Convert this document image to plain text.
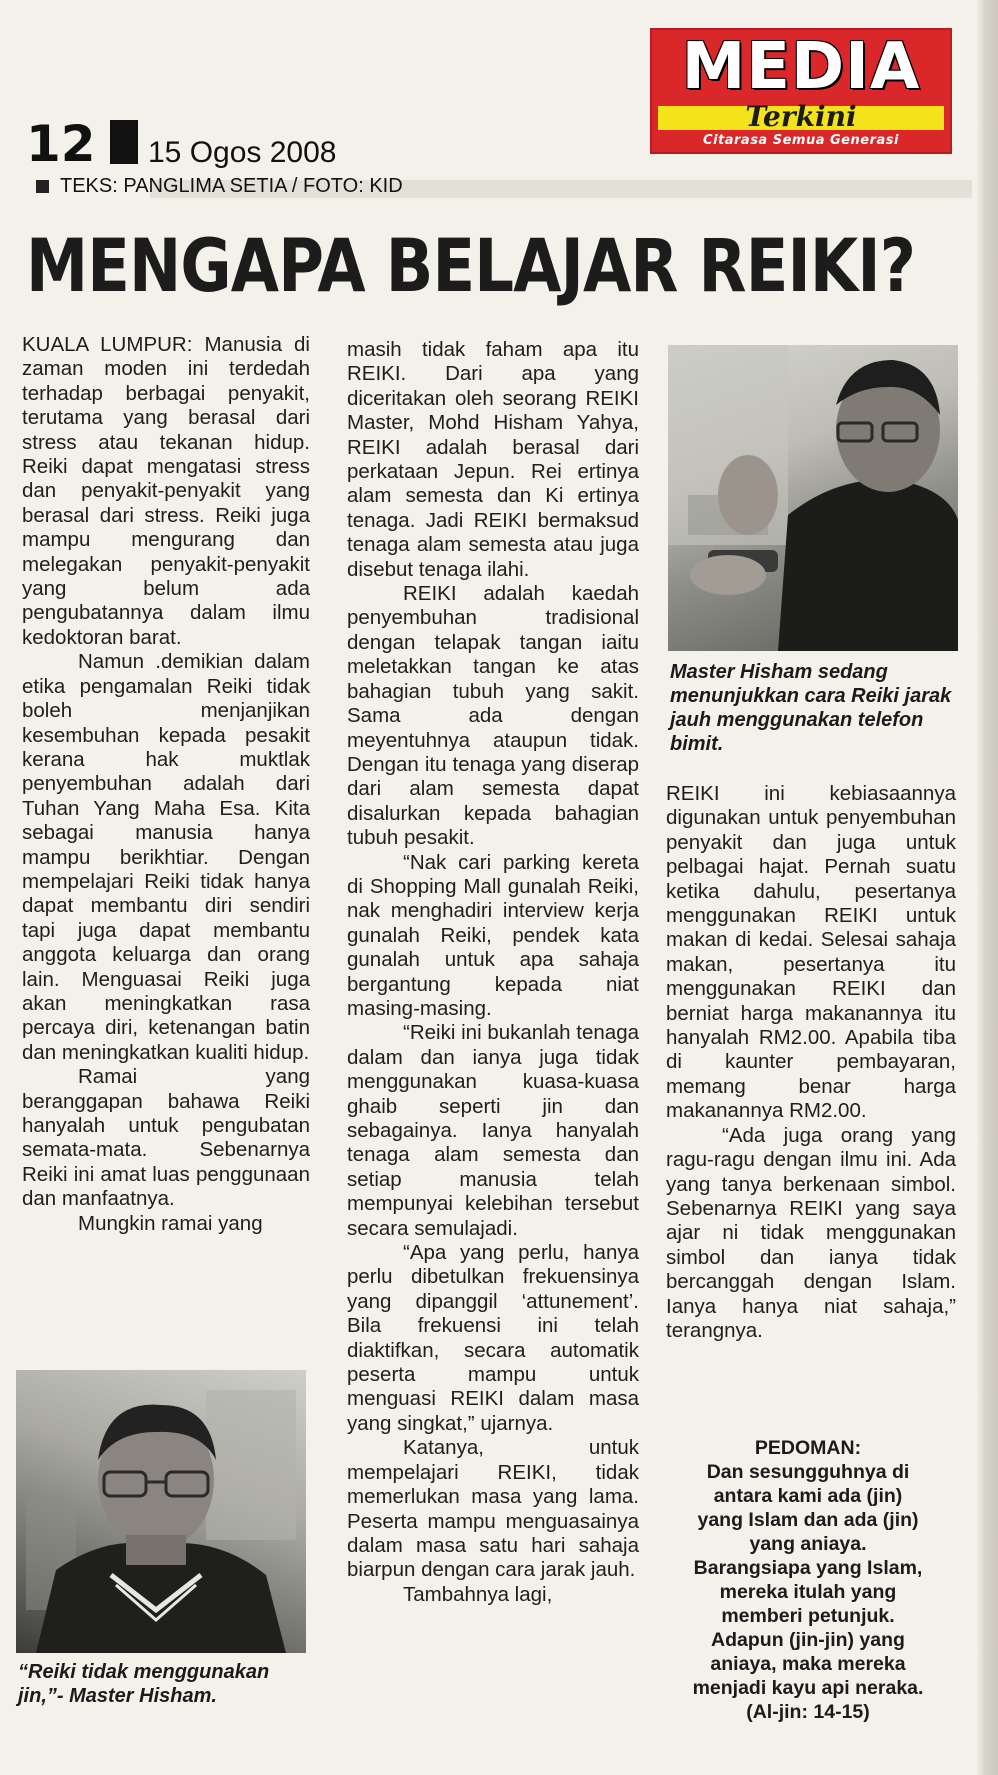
MEDIA
Terkini
Citarasa Semua Generasi
12 15 Ogos 2008
TEKS: PANGLIMA SETIA / FOTO: KID
MENGAPA BELAJAR REIKI?

KUALA LUMPUR: Manusia di zaman moden ini terdedah terhadap berbagai penyakit, terutama yang berasal dari stress atau tekanan hidup. Reiki dapat mengatasi stress dan penyakit-penyakit yang berasal dari stress. Reiki juga mampu mengurang dan melegakan penyakit-penyakit yang belum ada pengubatannya dalam ilmu kedoktoran barat.

Namun .demikian dalam etika pengamalan Reiki tidak boleh menjanjikan kesembuhan kepada pesakit kerana hak muktlak penyembuhan adalah dari Tuhan Yang Maha Esa. Kita sebagai manusia hanya mampu berikhtiar. Dengan mempelajari Reiki tidak hanya dapat membantu diri sendiri tapi juga dapat membantu anggota keluarga dan orang lain. Menguasai Reiki juga akan meningkatkan rasa percaya diri, ketenangan batin dan meningkatkan kualiti hidup.

Ramai yang beranggapan bahawa Reiki hanyalah untuk pengubatan semata-mata. Sebenarnya Reiki ini amat luas penggunaan dan manfaatnya.

Mungkin ramai yang

“Reiki tidak menggunakan jin,”- Master Hisham.

masih tidak faham apa itu REIKI. Dari apa yang diceritakan oleh seorang REIKI Master, Mohd Hisham Yahya, REIKI adalah berasal dari perkataan Jepun. Rei ertinya alam semesta dan Ki ertinya tenaga. Jadi REIKI bermaksud tenaga alam semesta atau juga disebut tenaga ilahi.

REIKI adalah kaedah penyembuhan tradisional dengan telapak tangan iaitu meletakkan tangan ke atas bahagian tubuh yang sakit. Sama ada dengan meyentuhnya ataupun tidak. Dengan itu tenaga yang diserap dari alam semesta dapat disalurkan kepada bahagian tubuh pesakit.

“Nak cari parking kereta di Shopping Mall gunalah Reiki, nak menghadiri interview kerja gunalah Reiki, pendek kata gunalah untuk apa sahaja bergantung kepada niat masing-masing.

“Reiki ini bukanlah tenaga dalam dan ianya juga tidak menggunakan kuasa-kuasa ghaib seperti jin dan sebagainya. Ianya hanyalah tenaga alam semesta dan setiap manusia telah mempunyai kelebihan tersebut secara semulajadi.

“Apa yang perlu, hanya perlu dibetulkan frekuensinya yang dipanggil ‘attunement’. Bila frekuensi ini telah diaktifkan, secara automatik peserta mampu untuk menguasi REIKI dalam masa yang singkat,” ujarnya.

Katanya, untuk mempelajari REIKI, tidak memerlukan masa yang lama. Peserta mampu menguasainya dalam masa satu hari sahaja biarpun dengan cara jarak jauh.

Tambahnya lagi,

Master Hisham sedang menunjukkan cara Reiki jarak jauh menggunakan telefon bimit.

REIKI ini kebiasaannya digunakan untuk penyembuhan penyakit dan juga untuk pelbagai hajat. Pernah suatu ketika dahulu, pesertanya menggunakan REIKI untuk makan di kedai. Selesai sahaja makan, pesertanya itu menggunakan REIKI dan berniat harga makanannya itu hanyalah RM2.00. Apabila tiba di kaunter pembayaran, memang benar harga makanannya RM2.00.

“Ada juga orang yang ragu-ragu dengan ilmu ini. Ada yang tanya berkenaan simbol. Sebenarnya REIKI yang saya ajar ni tidak menggunakan simbol dan ianya tidak bercanggah dengan Islam. Ianya hanya niat sahaja,” terangnya.

PEDOMAN:
Dan sesungguhnya di
antara kami ada (jin)
yang Islam dan ada (jin)
yang aniaya.
Barangsiapa yang Islam,
mereka itulah yang
memberi petunjuk.
Adapun (jin-jin) yang
aniaya, maka mereka
menjadi kayu api neraka.
(Al-jin: 14-15)
